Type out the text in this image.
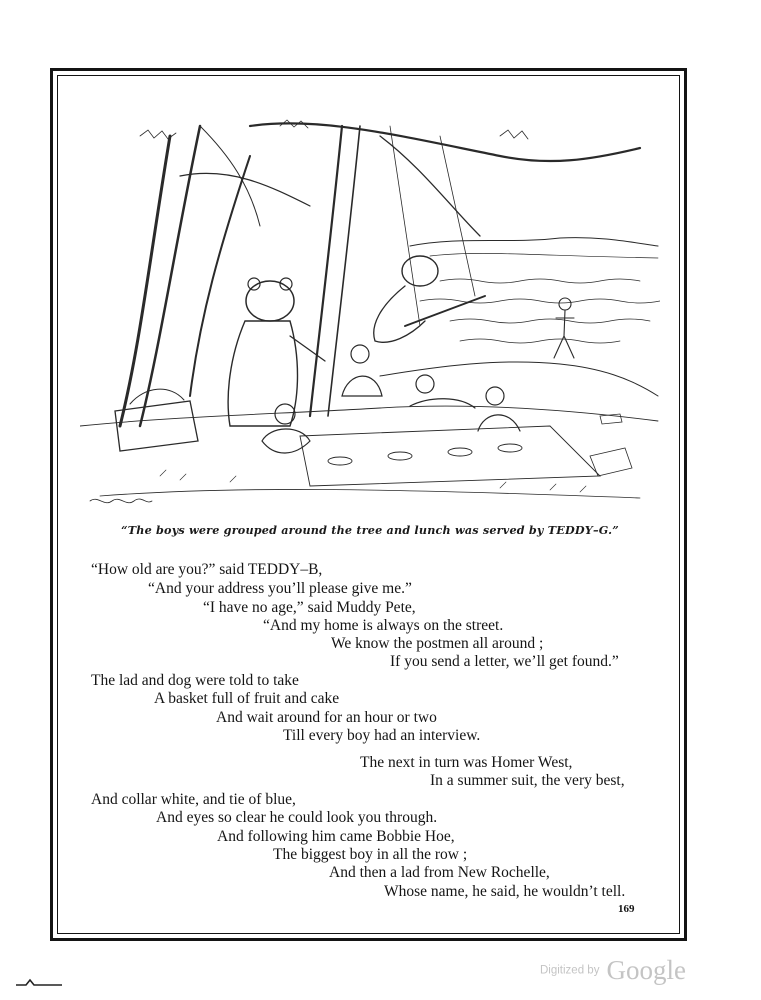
“The boys were grouped around the tree and lunch was served by TEDDY–G.”
“How old are you?” said TEDDY–B,
“And your address you’ll please give me.”
“I have no age,” said Muddy Pete,
“And my home is always on the street.
We know the postmen all around ;
If you send a letter, we’ll get found.”
The lad and dog were told to take
A basket full of fruit and cake
And wait around for an hour or two
Till every boy had an interview.
The next in turn was Homer West,
In a summer suit, the very best,
And collar white, and tie of blue,
And eyes so clear he could look you through.
And following him came Bobbie Hoe,
The biggest boy in all the row ;
And then a lad from New Rochelle,
Whose name, he said, he wouldn’t tell.
169
Digitized by Google
